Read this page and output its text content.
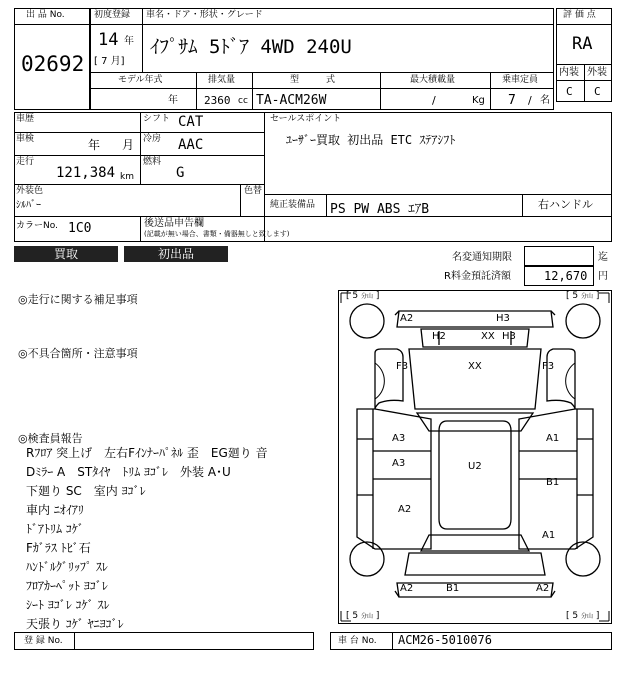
出 品 No.
02692
初度登録
14 年
[ 7 月]
車名・ドア・形状・グレード
ｲﾌﾟｻﾑ 5ﾄﾞｱ 4WD 240U
モデル年式	排気量	型　　　式	最大積載量	乗車定員
年 2360 cc TA-ACM26W	/	Kg 7 / 名
評 価 点
RA
内装 外装
C C
車歴
車検	年 月
走行
121,384 km
シフト CAT
冷房 AAC
燃料
G
セールスポイント
ﾕｰｻﾞｰ買取 初出品 ETC ｽﾃｱｼﾌﾄ
外装色
ｼﾙﾊﾞｰ
色替
カラーNo. 1C0	後送品申告欄
(記載が無い場合、書類・備器無しと致します)
純正装備品 PS PW ABS ｴｱB	右ハンドル
買取	初出品	名変通知期限	迄
R料金預託済額	12,670 円
◎走行に関する補足事項
◎不具合箇所・注意事項
◎検査員報告
Rﾌﾛｱ 突上げ　左右Fｲﾝﾅｰﾊﾟﾈﾙ 歪　EG廻り 音
Dﾐﾗｰ A　STﾀｲﾔ　ﾄﾘﾑ ﾖｺﾞﾚ　外装 A･U
下廻り SC　室内 ﾖｺﾞﾚ
車内 ﾆｵｲｱﾘ
ﾄﾞｱﾄﾘﾑ ｺｹﾞ
Fｶﾞﾗｽ ﾄﾋﾞ石
ﾊﾝﾄﾞﾙｸﾞﾘｯﾌﾟ ｽﾚ
ﾌﾛｱｶｰﾍﾟｯﾄ ﾖｺﾞﾚ
ｼｰﾄ ﾖｺﾞﾚ ｺｹﾞ ｽﾚ
天張り ｺｹﾞ ﾔﾆﾖｺﾞﾚ
[ 5 分山 ]	[ 5 分山 ]
[ 5 分山 ]	[ 5 分山 ]
A2	H3
H2	XX H3
F3	XX	F3
A3	A1
A3	U2
B1
A2
A1
A2	B1	A2
登 録 No.	車 台 No. ACM26-5010076
